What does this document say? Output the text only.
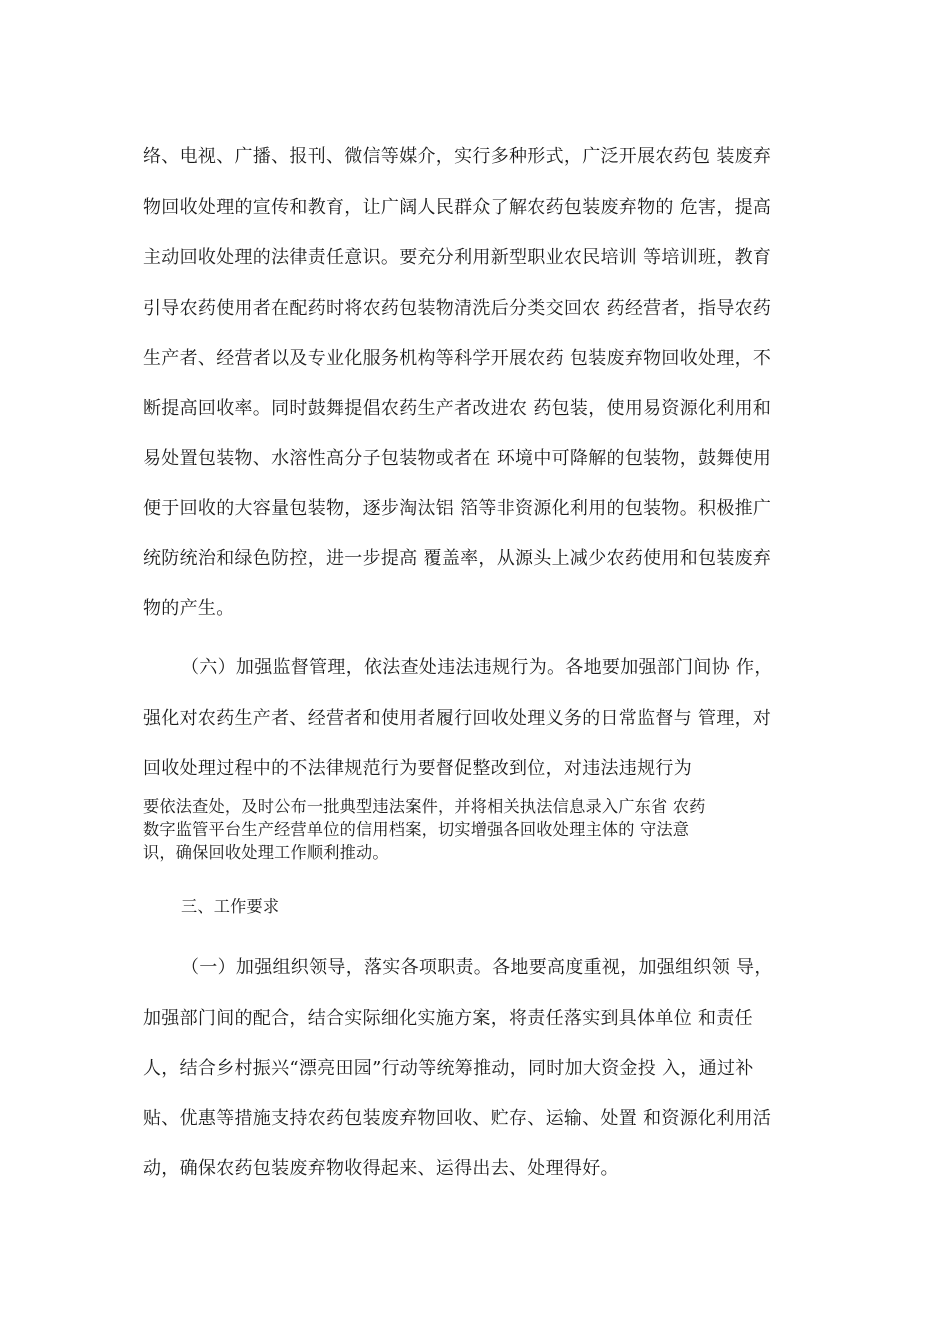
络、电视、广播、报刊、微信等媒介，实行多种形式，广泛开展农药包 装废弃
物回收处理的宣传和教育，让广阔人民群众了解农药包装废弃物的 危害，提高
主动回收处理的法律责任意识。要充分利用新型职业农民培训 等培训班，教育
引导农药使用者在配药时将农药包装物清洗后分类交回农 药经营者，指导农药
生产者、经营者以及专业化服务机构等科学开展农药 包装废弃物回收处理，不
断提高回收率。同时鼓舞提倡农药生产者改进农 药包装，使用易资源化利用和
易处置包装物、水溶性高分子包装物或者在 环境中可降解的包装物，鼓舞使用
便于回收的大容量包装物，逐步淘汰铝 箔等非资源化利用的包装物。积极推广
统防统治和绿色防控，进一步提高 覆盖率，从源头上减少农药使用和包装废弃
物的产生。
（六）加强监督管理，依法查处违法违规行为。各地要加强部门间协 作，
强化对农药生产者、经营者和使用者履行回收处理义务的日常监督与 管理，对
回收处理过程中的不法律规范行为要督促整改到位，对违法违规行为
要依法查处，及时公布一批典型违法案件，并将相关执法信息录入广东省 农药
数字监管平台生产经营单位的信用档案，切实增强各回收处理主体的 守法意
识，确保回收处理工作顺利推动。
三、工作要求
（一）加强组织领导，落实各项职责。各地要高度重视，加强组织领 导，
加强部门间的配合，结合实际细化实施方案，将责任落实到具体单位 和责任
人，结合乡村振兴“漂亮田园”行动等统筹推动，同时加大资金投 入，通过补
贴、优惠等措施支持农药包装废弃物回收、贮存、运输、处置 和资源化利用活
动，确保农药包装废弃物收得起来、运得出去、处理得好。
